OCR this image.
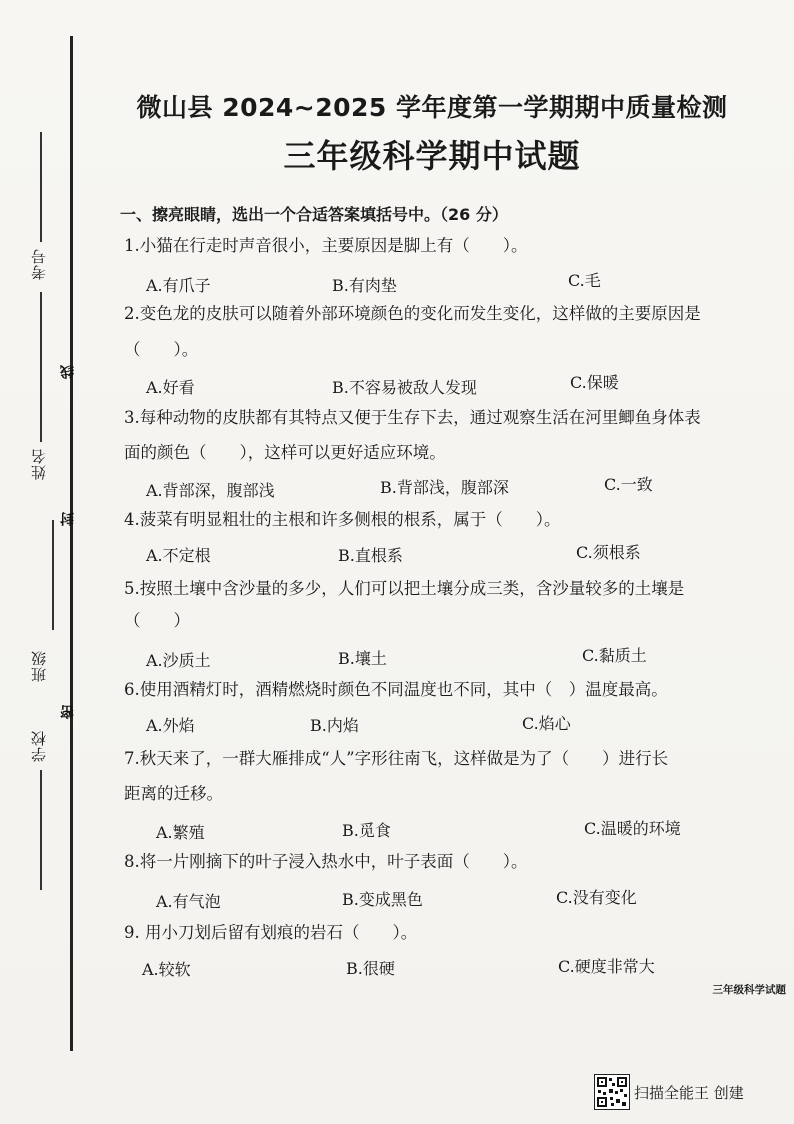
考号
线
姓名
封
班级
密
学校
微山县 2024~2025 学年度第一学期期中质量检测
三年级科学期中试题
一、擦亮眼睛，选出一个合适答案填括号中。（26 分）
1.小猫在行走时声音很小，主要原因是脚上有（　　）。
A.有爪子	B.有肉垫	C.毛
2.变色龙的皮肤可以随着外部环境颜色的变化而发生变化，这样做的主要原因是
（　　）。
A.好看	B.不容易被敌人发现	C.保暖
3.每种动物的皮肤都有其特点又便于生存下去，通过观察生活在河里鲫鱼身体表
面的颜色（　　），这样可以更好适应环境。
A.背部深，腹部浅	B.背部浅，腹部深	C.一致
4.菠菜有明显粗壮的主根和许多侧根的根系，属于（　　）。
A.不定根	B.直根系	C.须根系
5.按照土壤中含沙量的多少，人们可以把土壤分成三类，含沙量较多的土壤是
（　　）
A.沙质土	B.壤土	C.黏质土
6.使用酒精灯时，酒精燃烧时颜色不同温度也不同，其中（　）温度最高。
A.外焰	B.内焰	C.焰心
7.秋天来了，一群大雁排成“人”字形往南飞，这样做是为了（　　）进行长
距离的迁移。
A.繁殖	B.觅食	C.温暖的环境
8.将一片刚摘下的叶子浸入热水中，叶子表面（　　）。
A.有气泡	B.变成黑色	C.没有变化
9. 用小刀划后留有划痕的岩石（　　）。
A.较软	B.很硬	C.硬度非常大
三年级科学试题
扫描全能王 创建
